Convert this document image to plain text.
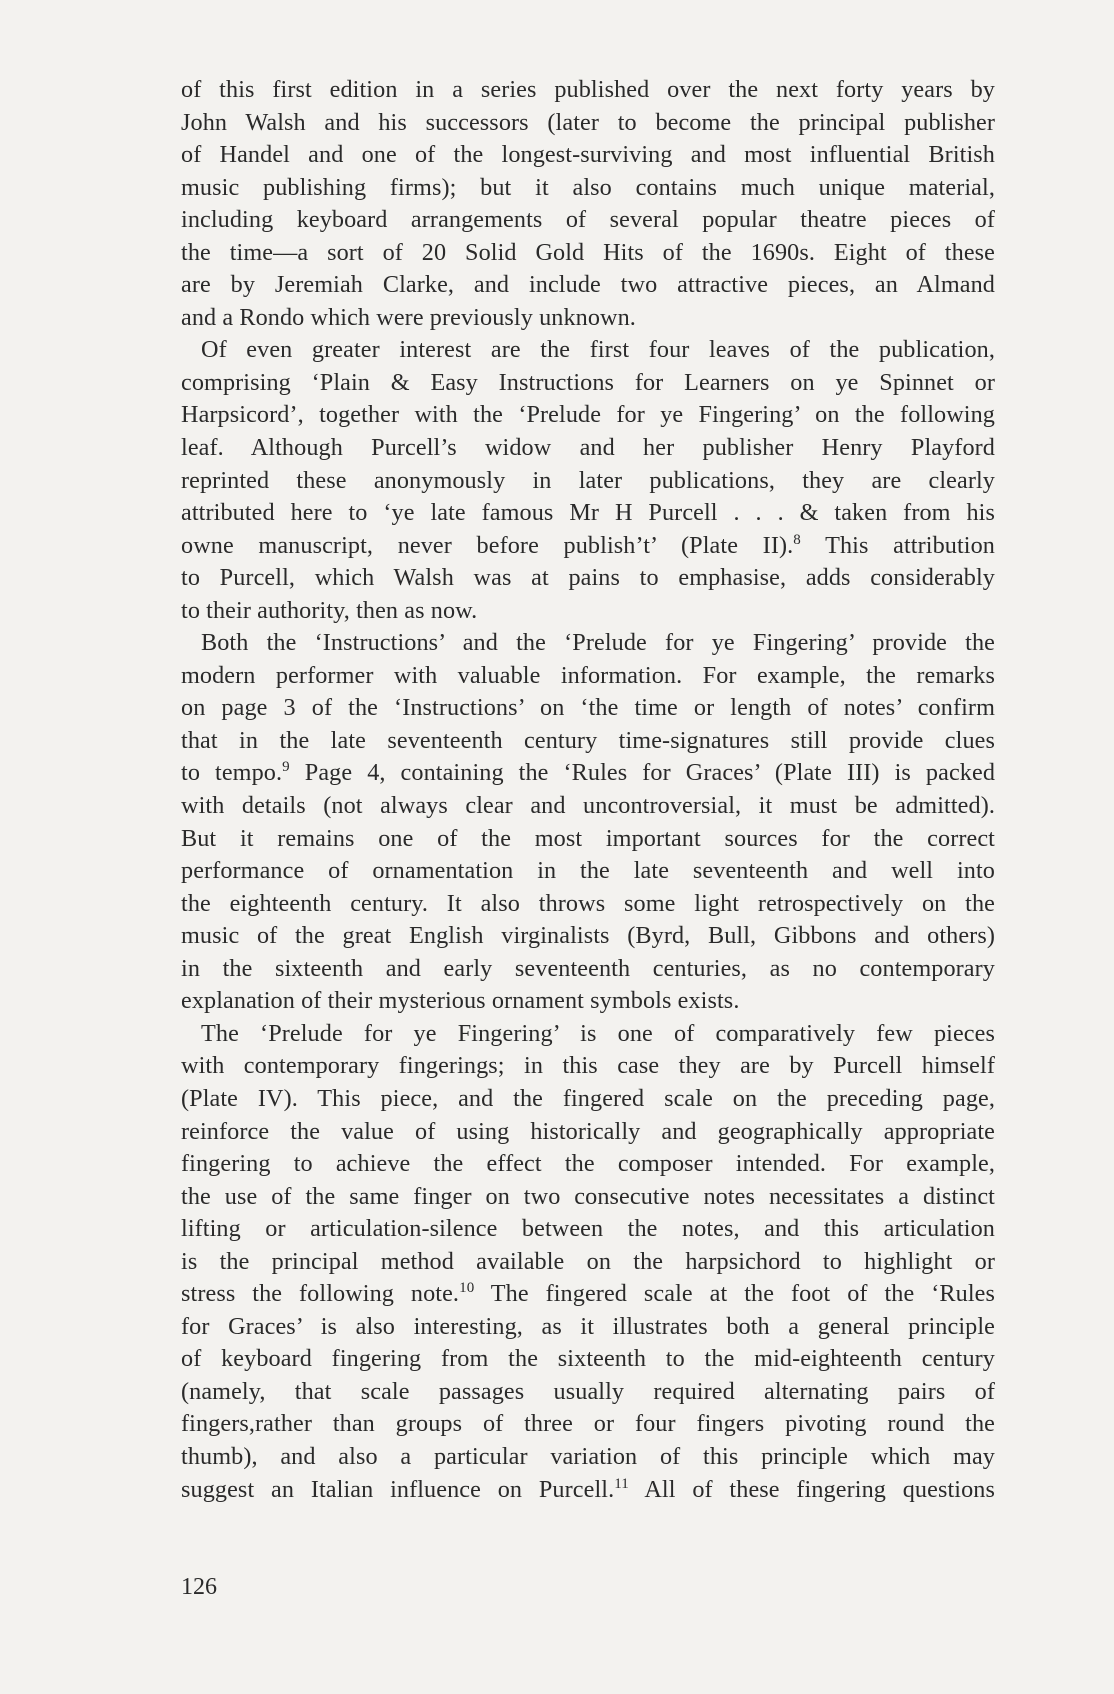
of this first edition in a series published over the next forty years by
John Walsh and his successors (later to become the principal publisher
of Handel and one of the longest-surviving and most influential British
music publishing firms); but it also contains much unique material,
including keyboard arrangements of several popular theatre pieces of
the time—a sort of 20 Solid Gold Hits of the 1690s. Eight of these
are by Jeremiah Clarke, and include two attractive pieces, an Almand
and a Rondo which were previously unknown.
Of even greater interest are the first four leaves of the publication,
comprising ‘Plain & Easy Instructions for Learners on ye Spinnet or
Harpsicord’, together with the ‘Prelude for ye Fingering’ on the following
leaf. Although Purcell’s widow and her publisher Henry Playford
reprinted these anonymously in later publications, they are clearly
attributed here to ‘ye late famous Mr H Purcell . . . & taken from his
owne manuscript, never before publish’t’ (Plate II).$^8$ This attribution
to Purcell, which Walsh was at pains to emphasise, adds considerably
to their authority, then as now.
Both the ‘Instructions’ and the ‘Prelude for ye Fingering’ provide the
modern performer with valuable information. For example, the remarks
on page 3 of the ‘Instructions’ on ‘the time or length of notes’ confirm
that in the late seventeenth century time-signatures still provide clues
to tempo.$^9$ Page 4, containing the ‘Rules for Graces’ (Plate III) is packed
with details (not always clear and uncontroversial, it must be admitted).
But it remains one of the most important sources for the correct
performance of ornamentation in the late seventeenth and well into
the eighteenth century. It also throws some light retrospectively on the
music of the great English virginalists (Byrd, Bull, Gibbons and others)
in the sixteenth and early seventeenth centuries, as no contemporary
explanation of their mysterious ornament symbols exists.
The ‘Prelude for ye Fingering’ is one of comparatively few pieces
with contemporary fingerings; in this case they are by Purcell himself
(Plate IV). This piece, and the fingered scale on the preceding page,
reinforce the value of using historically and geographically appropriate
fingering to achieve the effect the composer intended. For example,
the use of the same finger on two consecutive notes necessitates a distinct
lifting or articulation-silence between the notes, and this articulation
is the principal method available on the harpsichord to highlight or
stress the following note.$^{10}$ The fingered scale at the foot of the ‘Rules
for Graces’ is also interesting, as it illustrates both a general principle
of keyboard fingering from the sixteenth to the mid-eighteenth century
(namely, that scale passages usually required alternating pairs of
fingers,rather than groups of three or four fingers pivoting round the
thumb), and also a particular variation of this principle which may
suggest an Italian influence on Purcell.$^{11}$ All of these fingering questions
126
